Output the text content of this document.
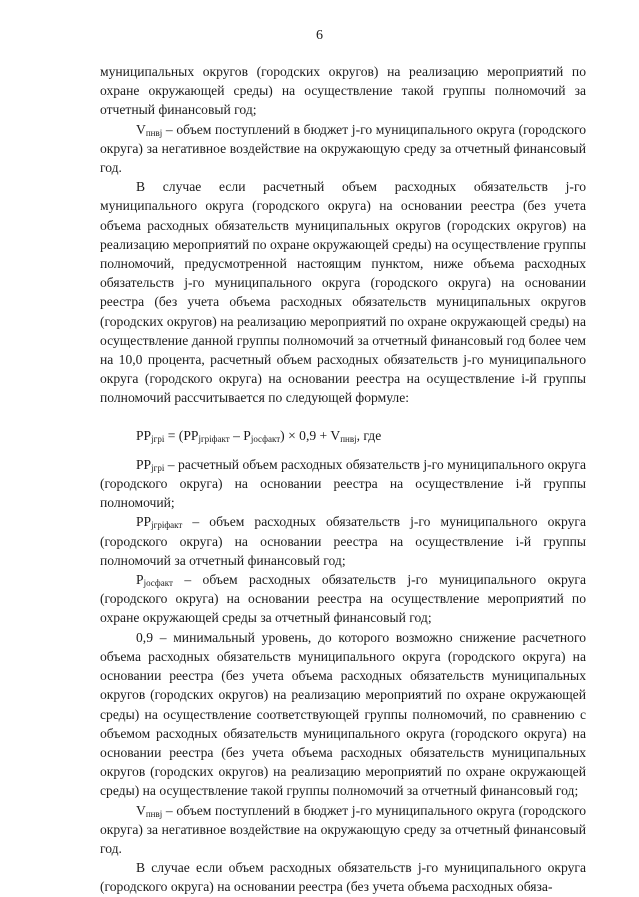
6

муниципальных округов (городских округов) на реализацию мероприятий по охране окружающей среды) на осуществление такой группы полномочий за отчетный финансовый год;

$V_{пнвj}$ – объем поступлений в бюджет j-го муниципального округа (городского округа) за негативное воздействие на окружающую среду за отчетный финансовый год.

В случае если расчетный объем расходных обязательств j-го муниципального округа (городского округа) на основании реестра (без учета объема расходных обязательств муниципальных округов (городских округов) на реализацию мероприятий по охране окружающей среды) на осуществление группы полномочий, предусмотренной настоящим пунктом, ниже объема расходных обязательств j-го муниципального округа (городского округа) на основании реестра (без учета объема расходных обязательств муниципальных округов (городских округов) на реализацию мероприятий по охране окружающей среды) на осуществление данной группы полномочий за отчетный финансовый год более чем на 10,0 процента, расчетный объем расходных обязательств j-го муниципального округа (городского округа) на основании реестра на осуществление i-й группы полномочий рассчитывается по следующей формуле:

$PP_{jгрi} = (PP_{jгрiфакт} - P_{jосфакт}) \times 0,9 + V_{пнвj}$, где

$PP_{jгрi}$ – расчетный объем расходных обязательств j-го муниципального округа (городского округа) на основании реестра на осуществление i-й группы полномочий;

$PP_{jгрiфакт}$ – объем расходных обязательств j-го муниципального округа (городского округа) на основании реестра на осуществление i-й группы полномочий за отчетный финансовый год;

$P_{jосфакт}$ – объем расходных обязательств j-го муниципального округа (городского округа) на основании реестра на осуществление мероприятий по охране окружающей среды за отчетный финансовый год;

0,9 – минимальный уровень, до которого возможно снижение расчетного объема расходных обязательств муниципального округа (городского округа) на основании реестра (без учета объема расходных обязательств муниципальных округов (городских округов) на реализацию мероприятий по охране окружающей среды) на осуществление соответствующей группы полномочий, по сравнению с объемом расходных обязательств муниципального округа (городского округа) на основании реестра (без учета объема расходных обязательств муниципальных округов (городских округов) на реализацию мероприятий по охране окружающей среды) на осуществление такой группы полномочий за отчетный финансовый год;

$V_{пнвj}$ – объем поступлений в бюджет j-го муниципального округа (городского округа) за негативное воздействие на окружающую среду за отчетный финансовый год.

В случае если объем расходных обязательств j-го муниципального округа (городского округа) на основании реестра (без учета объема расходных обяза-
